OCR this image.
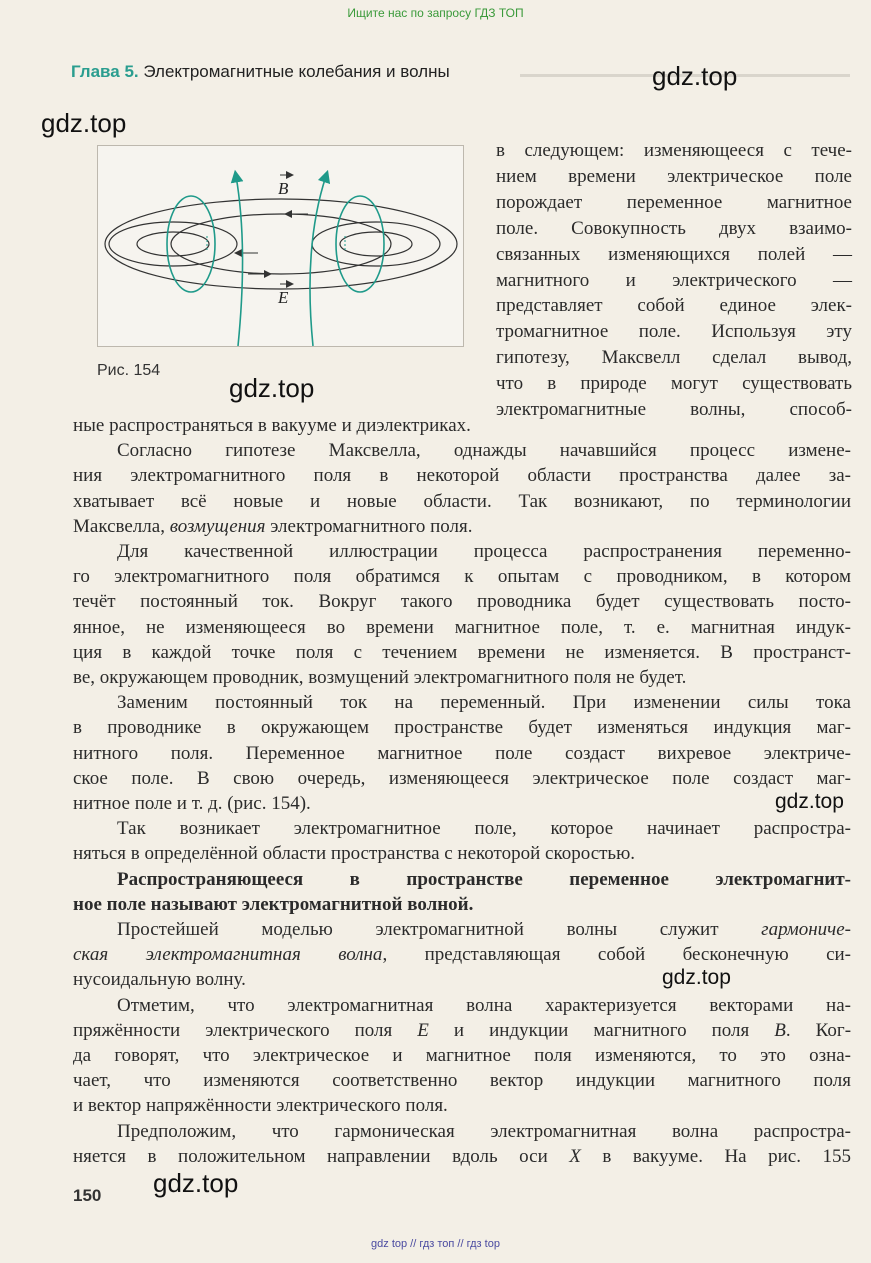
Ищите нас по запросу ГДЗ ТОП
Глава 5. Электромагнитные колебания и волны	gdz.top
gdz.top
gdz.top
gdz.top
gdz.top
gdz.top
B
E
Рис. 154
в следующем: изменяющееся с тече-
нием времени электрическое поле
порождает переменное магнитное
поле. Совокупность двух взаимо-
связанных изменяющихся полей —
магнитного и электрического —
представляет собой единое элек-
тромагнитное поле. Используя эту
гипотезу, Максвелл сделал вывод,
что в природе могут существовать
электромагнитные волны, способ-
ные распространяться в вакууме и диэлектриках.
Согласно гипотезе Максвелла, однажды начавшийся процесс измене-
ния электромагнитного поля в некоторой области пространства далее за-
хватывает всё новые и новые области. Так возникают, по терминологии
Максвелла, возмущения электромагнитного поля.
Для качественной иллюстрации процесса распространения переменно-
го электромагнитного поля обратимся к опытам с проводником, в котором
течёт постоянный ток. Вокруг такого проводника будет существовать посто-
янное, не изменяющееся во времени магнитное поле, т. е. магнитная индук-
ция в каждой точке поля с течением времени не изменяется. В пространст-
ве, окружающем проводник, возмущений электромагнитного поля не будет.
Заменим постоянный ток на переменный. При изменении силы тока
в проводнике в окружающем пространстве будет изменяться индукция маг-
нитного поля. Переменное магнитное поле создаст вихревое электриче-
ское поле. В свою очередь, изменяющееся электрическое поле создаст маг-
нитное поле и т. д. (рис. 154).
Так возникает электромагнитное поле, которое начинает распростра-
няться в определённой области пространства с некоторой скоростью.
Распространяющееся в пространстве переменное электромагнит-
ное поле называют электромагнитной волной.
Простейшей моделью электромагнитной волны служит гармониче-
ская электромагнитная волна, представляющая собой бесконечную си-
нусоидальную волну.
Отметим, что электромагнитная волна характеризуется векторами на-
пряжённости электрического поля E и индукции магнитного поля B. Ког-
да говорят, что электрическое и магнитное поля изменяются, то это озна-
чает, что изменяются соответственно вектор индукции магнитного поля
и вектор напряжённости электрического поля.
Предположим, что гармоническая электромагнитная волна распростра-
няется в положительном направлении вдоль оси X в вакууме. На рис. 155
150
gdz top // гдз топ // гдз top
